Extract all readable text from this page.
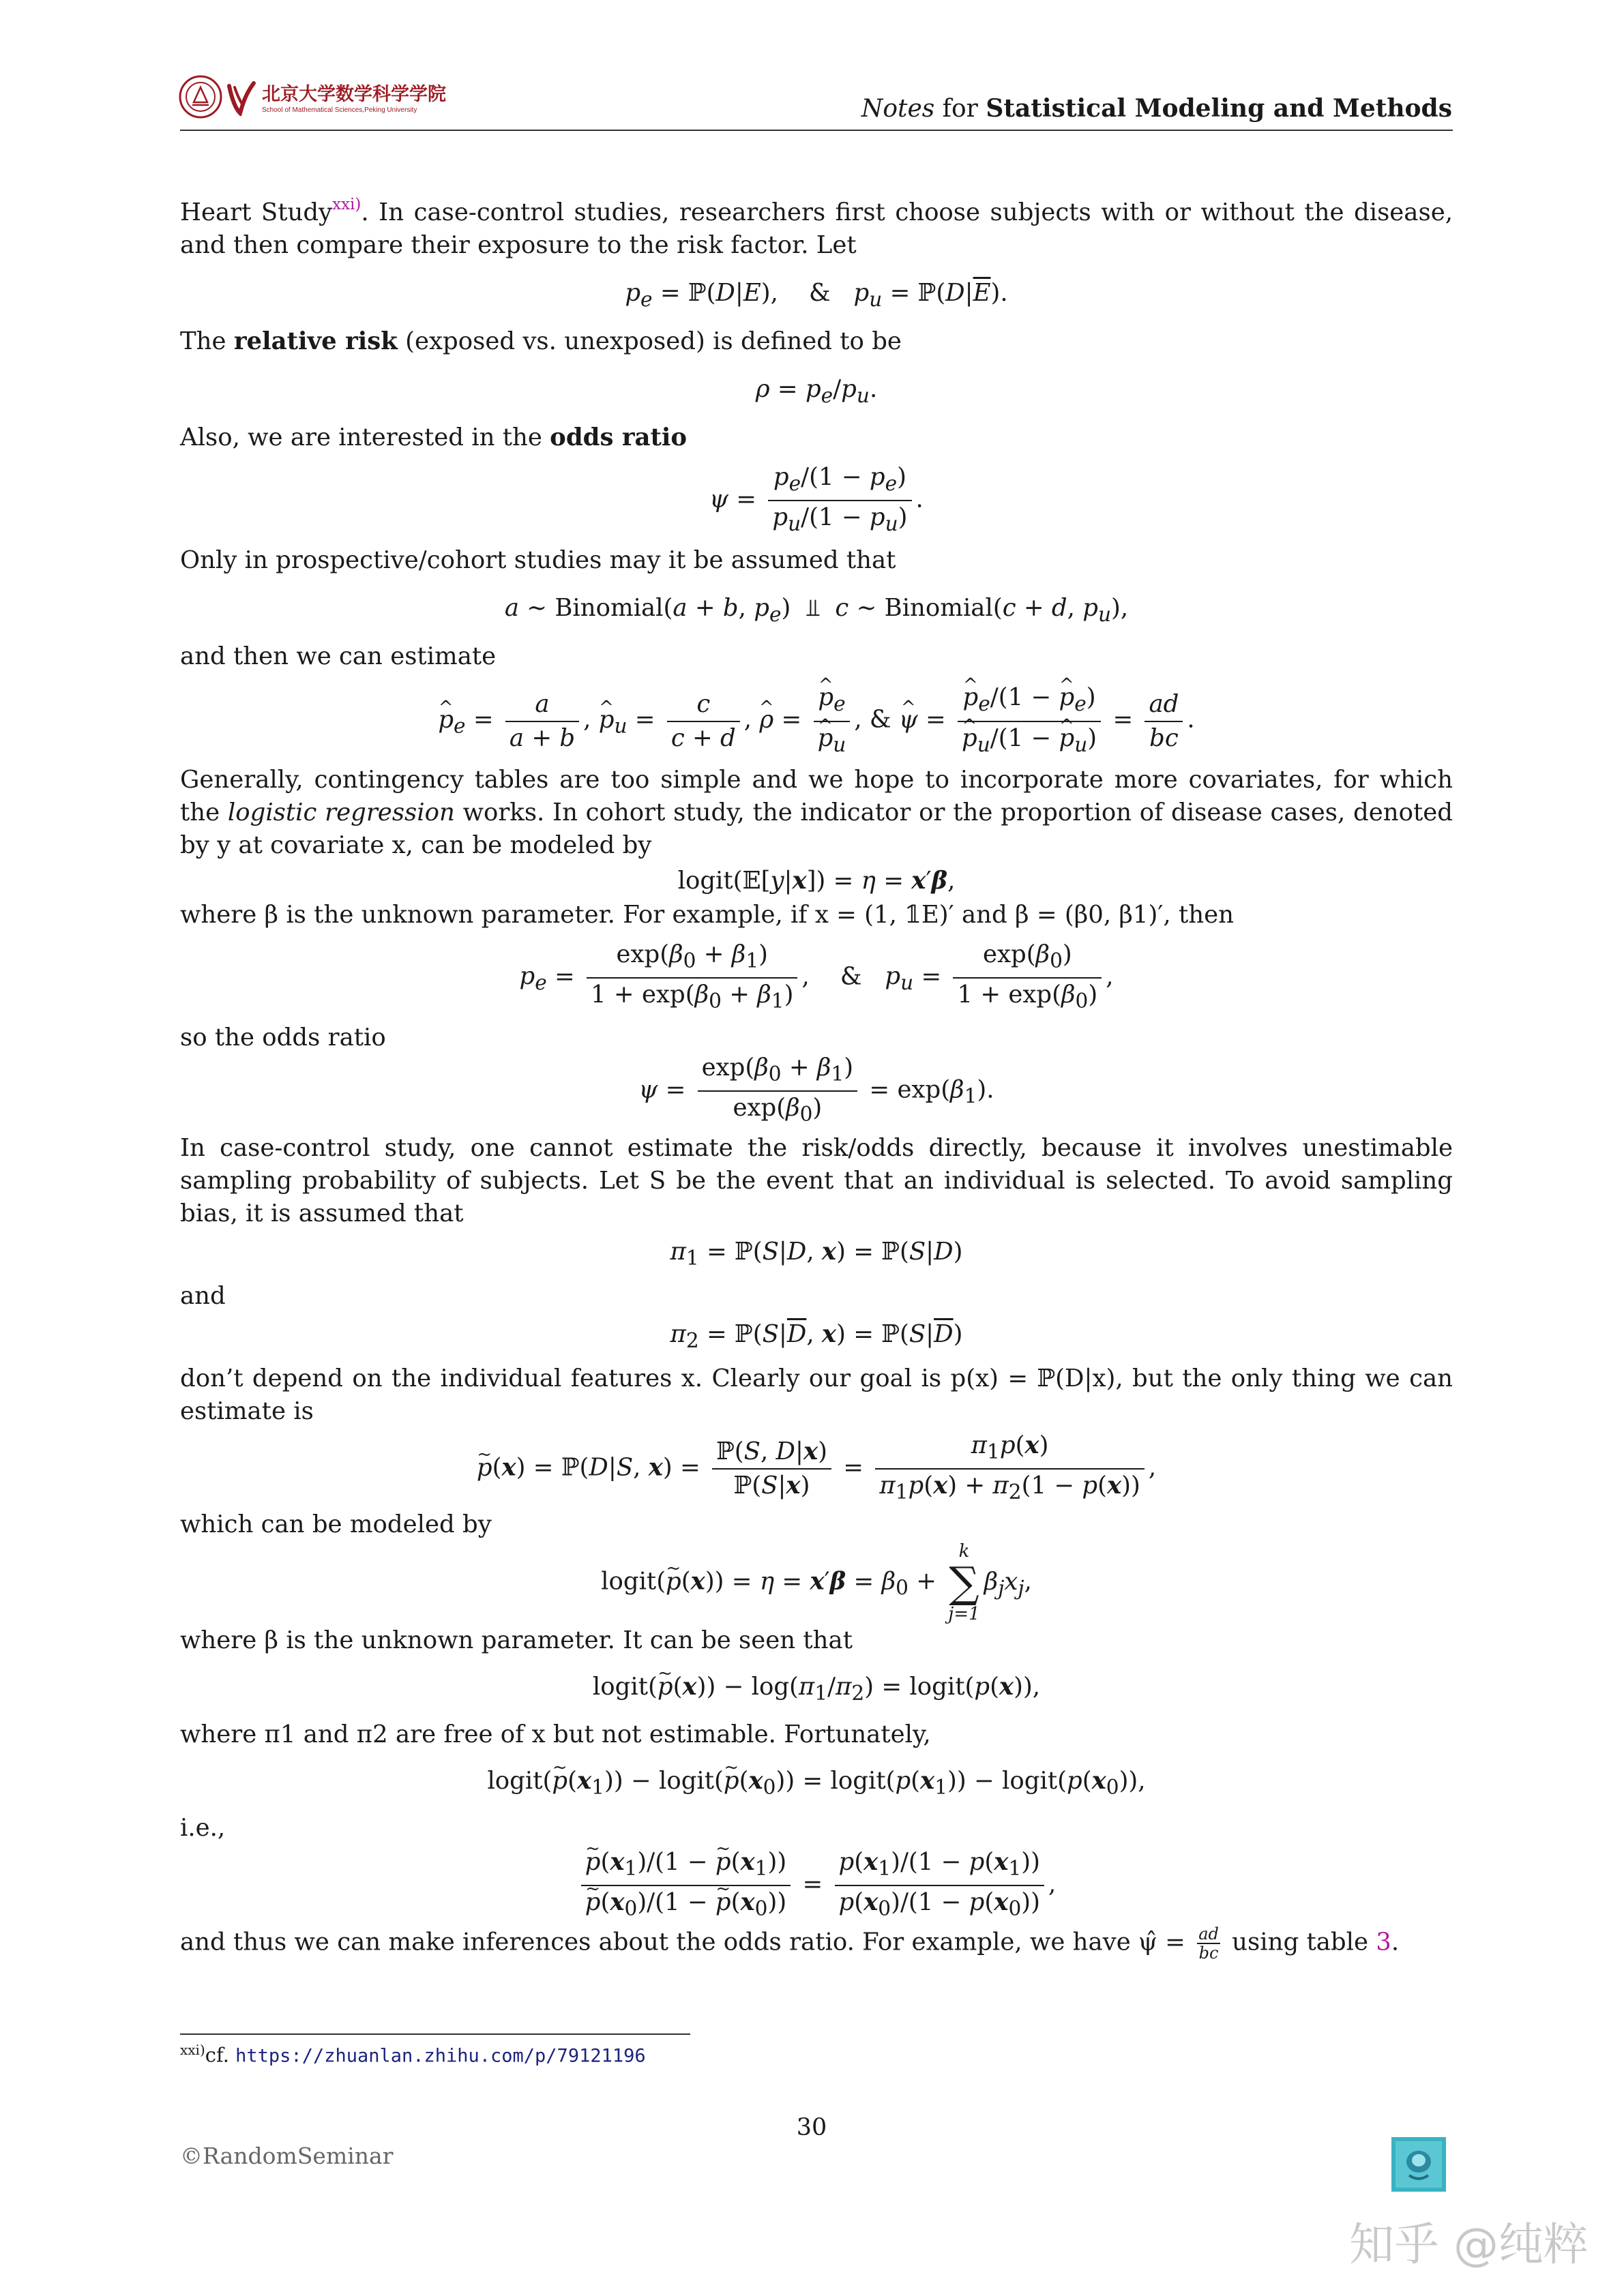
北京大学数学科学学院
School of Mathematical Sciences,Peking University	Notes for Statistical Modeling and Methods

Heart Study$^{xxi)}$. In case-control studies, researchers first choose subjects with or without the disease, and then compare their exposure to the risk factor. Let

$p_e$ = ℙ(D|E),    &   $p_u$ = $ℙ(D|\overline{E})$.

The relative risk (exposed vs. unexposed) is defined to be

$\rho = p_e/p_u$.

Also, we are interested in the odds ratio

$\psi = \frac{p_e/(1 - p_e)}{p_u/(1 - p_u)}$ .

Only in prospective/cohort studies may it be assumed that

a ∼ Binomial(a + b, $p_e$)  ⫫  c ∼ Binomial(c + d, $p_u$),

and then we can estimate

^ $p_e = \frac{a}{a + b}$ , ^ $p_u = \frac{c}{c + d}$ , ^ ρ = ^ $p_e$
^ $p_u$ , & ^ ψ = ^ $p_e/(1$ − ^ $p_e$)
^ $p_u/(1$ − ^ $p_u) = \frac{ad}{bc}$ .

Generally, contingency tables are too simple and we hope to incorporate more covariates, for which the logistic regression works. In cohort study, the indicator or the proportion of disease cases, denoted by y at covariate x, can be modeled by

logit(𝔼[y|x]) = η = x′β,

where β is the unknown parameter. For example, if x = (1, 𝟙E)′ and β = (β0, β1)′, then

$p_e = \frac{\exp(\beta_0 + \beta_1)}{1 + \exp(\beta_0 + \beta_1)}$ ,    &   $p_u = \frac{\exp(\beta_0)}{1 + \exp(\beta_0)}$ ,

so the odds ratio

$\psi = \frac{\exp(\beta_0 + \beta_1)}{\exp(\beta_0)} = \exp(\beta_1)$.

In case-control study, one cannot estimate the risk/odds directly, because it involves unestimable sampling probability of subjects. Let S be the event that an individual is selected. To avoid sampling bias, it is assumed that

$\pi_1$ = ℙ(S|D, x) = ℙ(S|D)

and

$\pi_2$ = $ℙ(S|\overline{D}$, $x) = ℙ(S|\overline{D})$

don’t depend on the individual features x. Clearly our goal is p(x) = ℙ(D|x), but the only thing we can estimate is

~ p(x) = ℙ(D|S, $x) = \frac{\text{ℙ(S, D|x)}}{\text{ℙ(S|x)}} = \frac{\pi_1p(x)}{\pi_1p(x) + \pi_2(1 - p(x))}$ ,

which can be modeled by

logit(~ $p(x)) = \eta = x'\beta = \beta_0$ +
k
∑
j=1
$\beta_jx_j$,

where β is the unknown parameter. It can be seen that

logit(~ $p(x)) - \log(\pi_1/\pi_2)$ = logit(p(x)),

where π1 and π2 are free of x but not estimable. Fortunately,

logit(~ $p(x_1)$) − logit(~ $p(x_0)$) = $logit(p(x_1))$ − $logit(p(x_0))$,

i.e.,

~ $p(x_1)/(1$ − ~ $p(x_1)$)
~ $p(x_0)/(1$ − ~ $p(x_0)) = \frac{p(x_1)/(1 - p(x_1))}{p(x_0)/(1 - p(x_0))}$ ,

and thus we can make inferences about the odds ratio. For example, we have ψ̂ = $\frac{ad}{bc}$ using table 3.

$^{xxi)}$cf. https://zhuanlan.zhihu.com/p/79121196
30
©RandomSeminar
知乎 @纯粹
